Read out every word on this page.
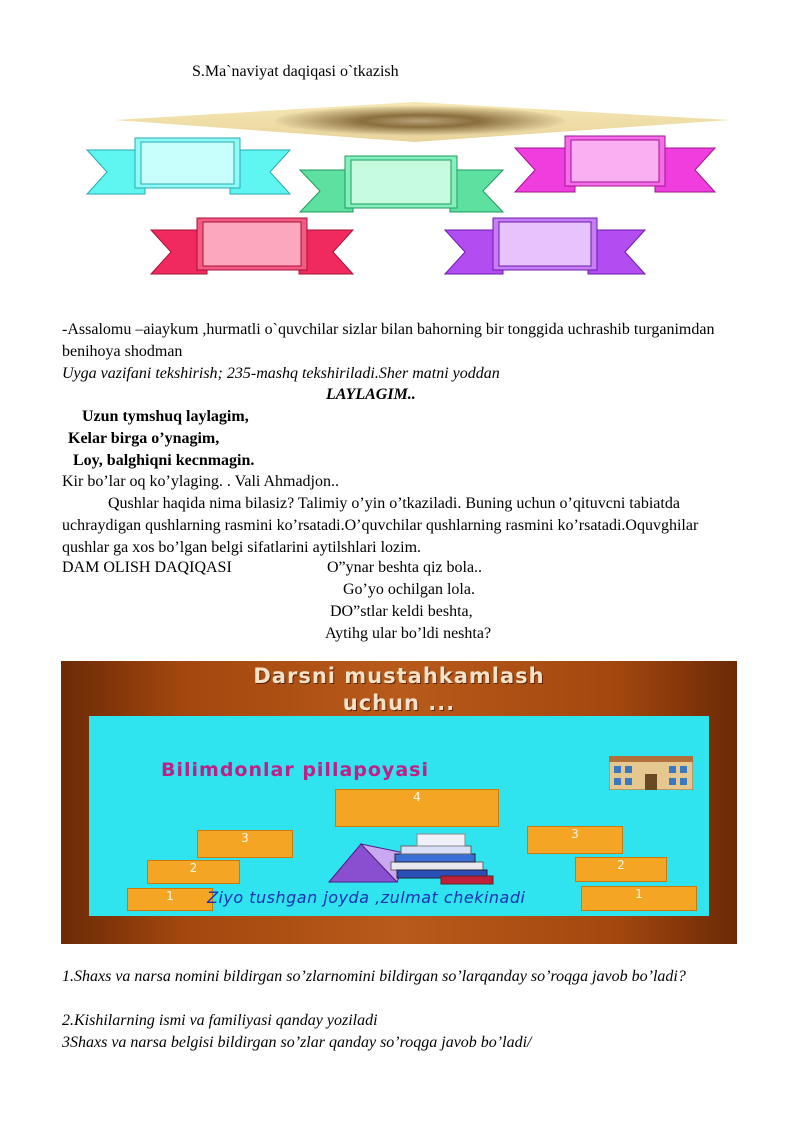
S.Ma`naviyat daqiqasi o`tkazish
-Assalomu –aiaykum ,hurmatli o`quvchilar sizlar bilan bahorning bir tonggida uchrashib turganimdan benihoya shodman
Uyga vazifani tekshirish; 235-mashq tekshiriladi.Sher matni yoddan
LAYLAGIM..
Uzun tymshuq laylagim,
Kelar birga o’ynagim,
Loy, balghiqni kecnmagin.
Kir bo’lar oq ko’ylaging. . Vali Ahmadjon..
Qushlar haqida nima bilasiz? Talimiy o’yin o’tkaziladi. Buning uchun o’qituvcni tabiatda uchraydigan qushlarning rasmini ko’rsatadi.O’quvchilar qushlarning rasmini ko’rsatadi.Oquvghilar qushlar ga xos bo’lgan belgi sifatlarini aytilshlari lozim.
DAM OLISH DAQIQASI	O”ynar beshta qiz bola..
Go’yo ochilgan lola.
DO”stlar keldi beshta,
Aytihg ular bo’ldi neshta?
Darsni mustahkamlash
uchun ...
Bilimdonlar pillapoyasi
4
3
2
1
3
2
1
Ziyo tushgan joyda ,zulmat chekinadi
1.Shaxs va narsa nomini bildirgan so’zlarnomini bildirgan so’larqanday so’roqga javob bo’ladi?
2.Kishilarning ismi va familiyasi qanday yoziladi
3Shaxs va narsa belgisi bildirgan so’zlar qanday so’roqga javob bo’ladi/
